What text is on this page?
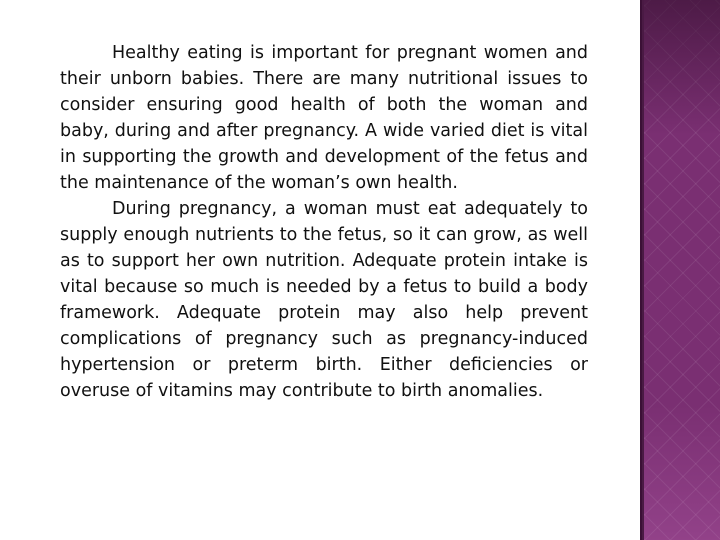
Healthy eating is important for pregnant women and their unborn babies. There are many nutritional issues to consider ensuring good health of both the woman and baby, during and after pregnancy. A wide varied diet is vital in supporting the growth and development of the fetus and the maintenance of the woman’s own health.

During pregnancy, a woman must eat adequately to supply enough nutrients to the fetus, so it can grow, as well as to support her own nutrition. Adequate protein intake is vital because so much is needed by a fetus to build a body framework. Adequate protein may also help prevent complications of pregnancy such as pregnancy-induced hypertension or preterm birth. Either deficiencies or overuse of vitamins may contribute to birth anomalies.
